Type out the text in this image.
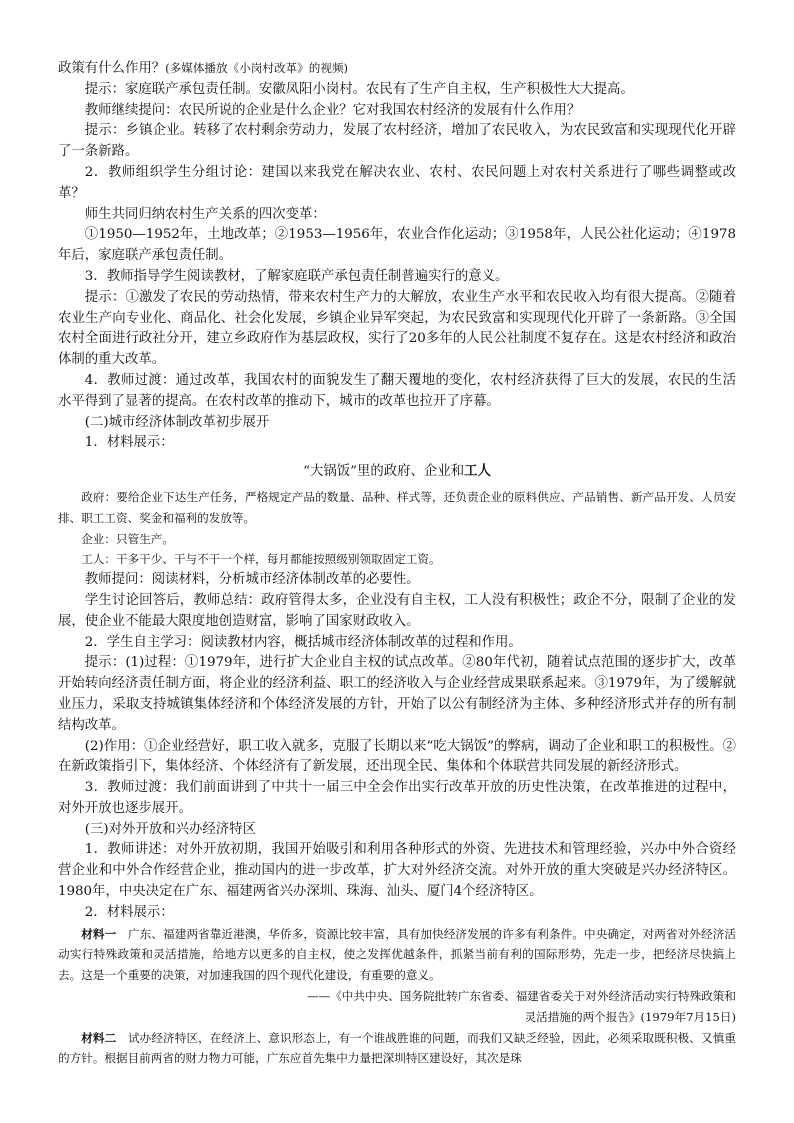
政策有什么作用？(多媒体播放《小岗村改革》的视频)

提示：家庭联产承包责任制。安徽凤阳小岗村。农民有了生产自主权，生产积极性大大提高。

教师继续提问：农民所说的企业是什么企业？它对我国农村经济的发展有什么作用？

提示：乡镇企业。转移了农村剩余劳动力，发展了农村经济，增加了农民收入，为农民致富和实现现代化开辟了一条新路。

2．教师组织学生分组讨论：建国以来我党在解决农业、农村、农民问题上对农村关系进行了哪些调整或改革？

师生共同归纳农村生产关系的四次变革：

①1950—1952年，土地改革；②1953—1956年，农业合作化运动；③1958年，人民公社化运动；④1978年后，家庭联产承包责任制。

3．教师指导学生阅读教材，了解家庭联产承包责任制普遍实行的意义。

提示：①激发了农民的劳动热情，带来农村生产力的大解放，农业生产水平和农民收入均有很大提高。②随着农业生产向专业化、商品化、社会化发展，乡镇企业异军突起，为农民致富和实现现代化开辟了一条新路。③全国农村全面进行政社分开，建立乡政府作为基层政权，实行了20多年的人民公社制度不复存在。这是农村经济和政治体制的重大改革。

4．教师过渡：通过改革，我国农村的面貌发生了翻天覆地的变化，农村经济获得了巨大的发展，农民的生活水平得到了显著的提高。在农村改革的推动下，城市的改革也拉开了序幕。

(二)城市经济体制改革初步展开

1．材料展示：

“大锅饭”里的政府、企业和工人

政府：要给企业下达生产任务，严格规定产品的数量、品种、样式等，还负责企业的原料供应、产品销售、新产品开发、人员安排、职工工资、奖金和福利的发放等。

企业：只管生产。

工人：干多干少、干与不干一个样，每月都能按照级别领取固定工资。

教师提问：阅读材料，分析城市经济体制改革的必要性。

学生讨论回答后，教师总结：政府管得太多，企业没有自主权，工人没有积极性；政企不分，限制了企业的发展，使企业不能最大限度地创造财富，影响了国家财政收入。

2．学生自主学习：阅读教材内容，概括城市经济体制改革的过程和作用。

提示：(1)过程：①1979年，进行扩大企业自主权的试点改革。②80年代初，随着试点范围的逐步扩大，改革开始转向经济责任制方面，将企业的经济利益、职工的经济收入与企业经营成果联系起来。③1979年，为了缓解就业压力，采取支持城镇集体经济和个体经济发展的方针，开始了以公有制经济为主体、多种经济形式并存的所有制结构改革。

(2)作用：①企业经营好，职工收入就多，克服了长期以来“吃大锅饭”的弊病，调动了企业和职工的积极性。②在新政策指引下，集体经济、个体经济有了新发展，还出现全民、集体和个体联营共同发展的新经济形式。

3．教师过渡：我们前面讲到了中共十一届三中全会作出实行改革开放的历史性决策，在改革推进的过程中，对外开放也逐步展开。

(三)对外开放和兴办经济特区

1．教师讲述：对外开放初期，我国开始吸引和利用各种形式的外资、先进技术和管理经验，兴办中外合资经营企业和中外合作经营企业，推动国内的进一步改革，扩大对外经济交流。对外开放的重大突破是兴办经济特区。1980年，中央决定在广东、福建两省兴办深圳、珠海、汕头、厦门4个经济特区。

2．材料展示：

材料一  广东、福建两省靠近港澳，华侨多，资源比较丰富，具有加快经济发展的许多有利条件。中央确定，对两省对外经济活动实行特殊政策和灵活措施，给地方以更多的自主权，使之发挥优越条件，抓紧当前有利的国际形势，先走一步，把经济尽快搞上去。这是一个重要的决策，对加速我国的四个现代化建设，有重要的意义。

——《中共中央、国务院批转广东省委、福建省委关于对外经济活动实行特殊政策和

灵活措施的两个报告》(1979年7月15日)

材料二  试办经济特区，在经济上、意识形态上，有一个谁战胜谁的问题，而我们又缺乏经验，因此，必须采取既积极、又慎重的方针。根据目前两省的财力物力可能，广东应首先集中力量把深圳特区建设好，其次是珠
